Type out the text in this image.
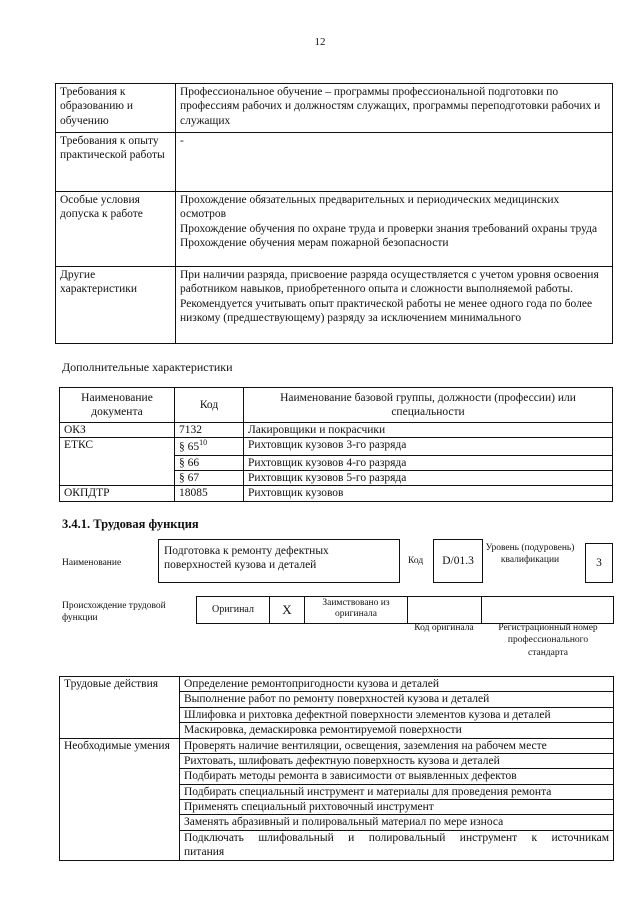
12
Требования к образованию и обучению	Профессиональное обучение – программы профессиональной подготовки по профессиям рабочих и должностям служащих, программы переподготовки рабочих и служащих

Требования к опыту практической работы	-

Особые условия допуска к работе	Прохождение обязательных предварительных и периодических медицинских осмотров

Прохождение обучения по охране труда и проверки знания требований охраны труда

Прохождение обучения мерам пожарной безопасности

Другие характеристики	При наличии разряда, присвоение разряда осуществляется с учетом уровня освоения работником навыков, приобретенного опыта и сложности выполняемой работы. Рекомендуется учитывать опыт практической работы не менее одного года по более низкому (предшествующему) разряду за исключением минимального

Дополнительные характеристики
Наименование документа	Код	Наименование базовой группы, должности (профессии) или специальности
ОКЗ	7132	Лакировщики и покрасчики
ЕТКС	§ $65^{10}$	Рихтовщик кузовов 3-го разряда
	§ 66	Рихтовщик кузовов 4-го разряда
	§ 67	Рихтовщик кузовов 5-го разряда
ОКПДТР	18085	Рихтовщик кузовов
3.4.1. Трудовая функция
Наименование
Подготовка к ремонту дефектных поверхностей кузова и деталей	Код	D/01.3
Уровень (подуровень) квалификации	3
Происхождение трудовой функции
Оригинал	X	Заимствовано из оригинала
Код оригинала	Регистрационный номер профессионального стандарта
Трудовые действия	Определение ремонтопригодности кузова и деталей
	Выполнение работ по ремонту поверхностей кузова и деталей
	Шлифовка и рихтовка дефектной поверхности элементов кузова и деталей
	Маскировка, демаскировка ремонтируемой поверхности
Необходимые умения	Проверять наличие вентиляции, освещения, заземления на рабочем месте
	Рихтовать, шлифовать дефектную поверхность кузова и деталей
	Подбирать методы ремонта в зависимости от выявленных дефектов
	Подбирать специальный инструмент и материалы для проведения ремонта
	Применять специальный рихтовочный инструмент
	Заменять абразивный и полировальный материал по мере износа

	Подключать шлифовальный и полировальный инструмент к источникам
питания
